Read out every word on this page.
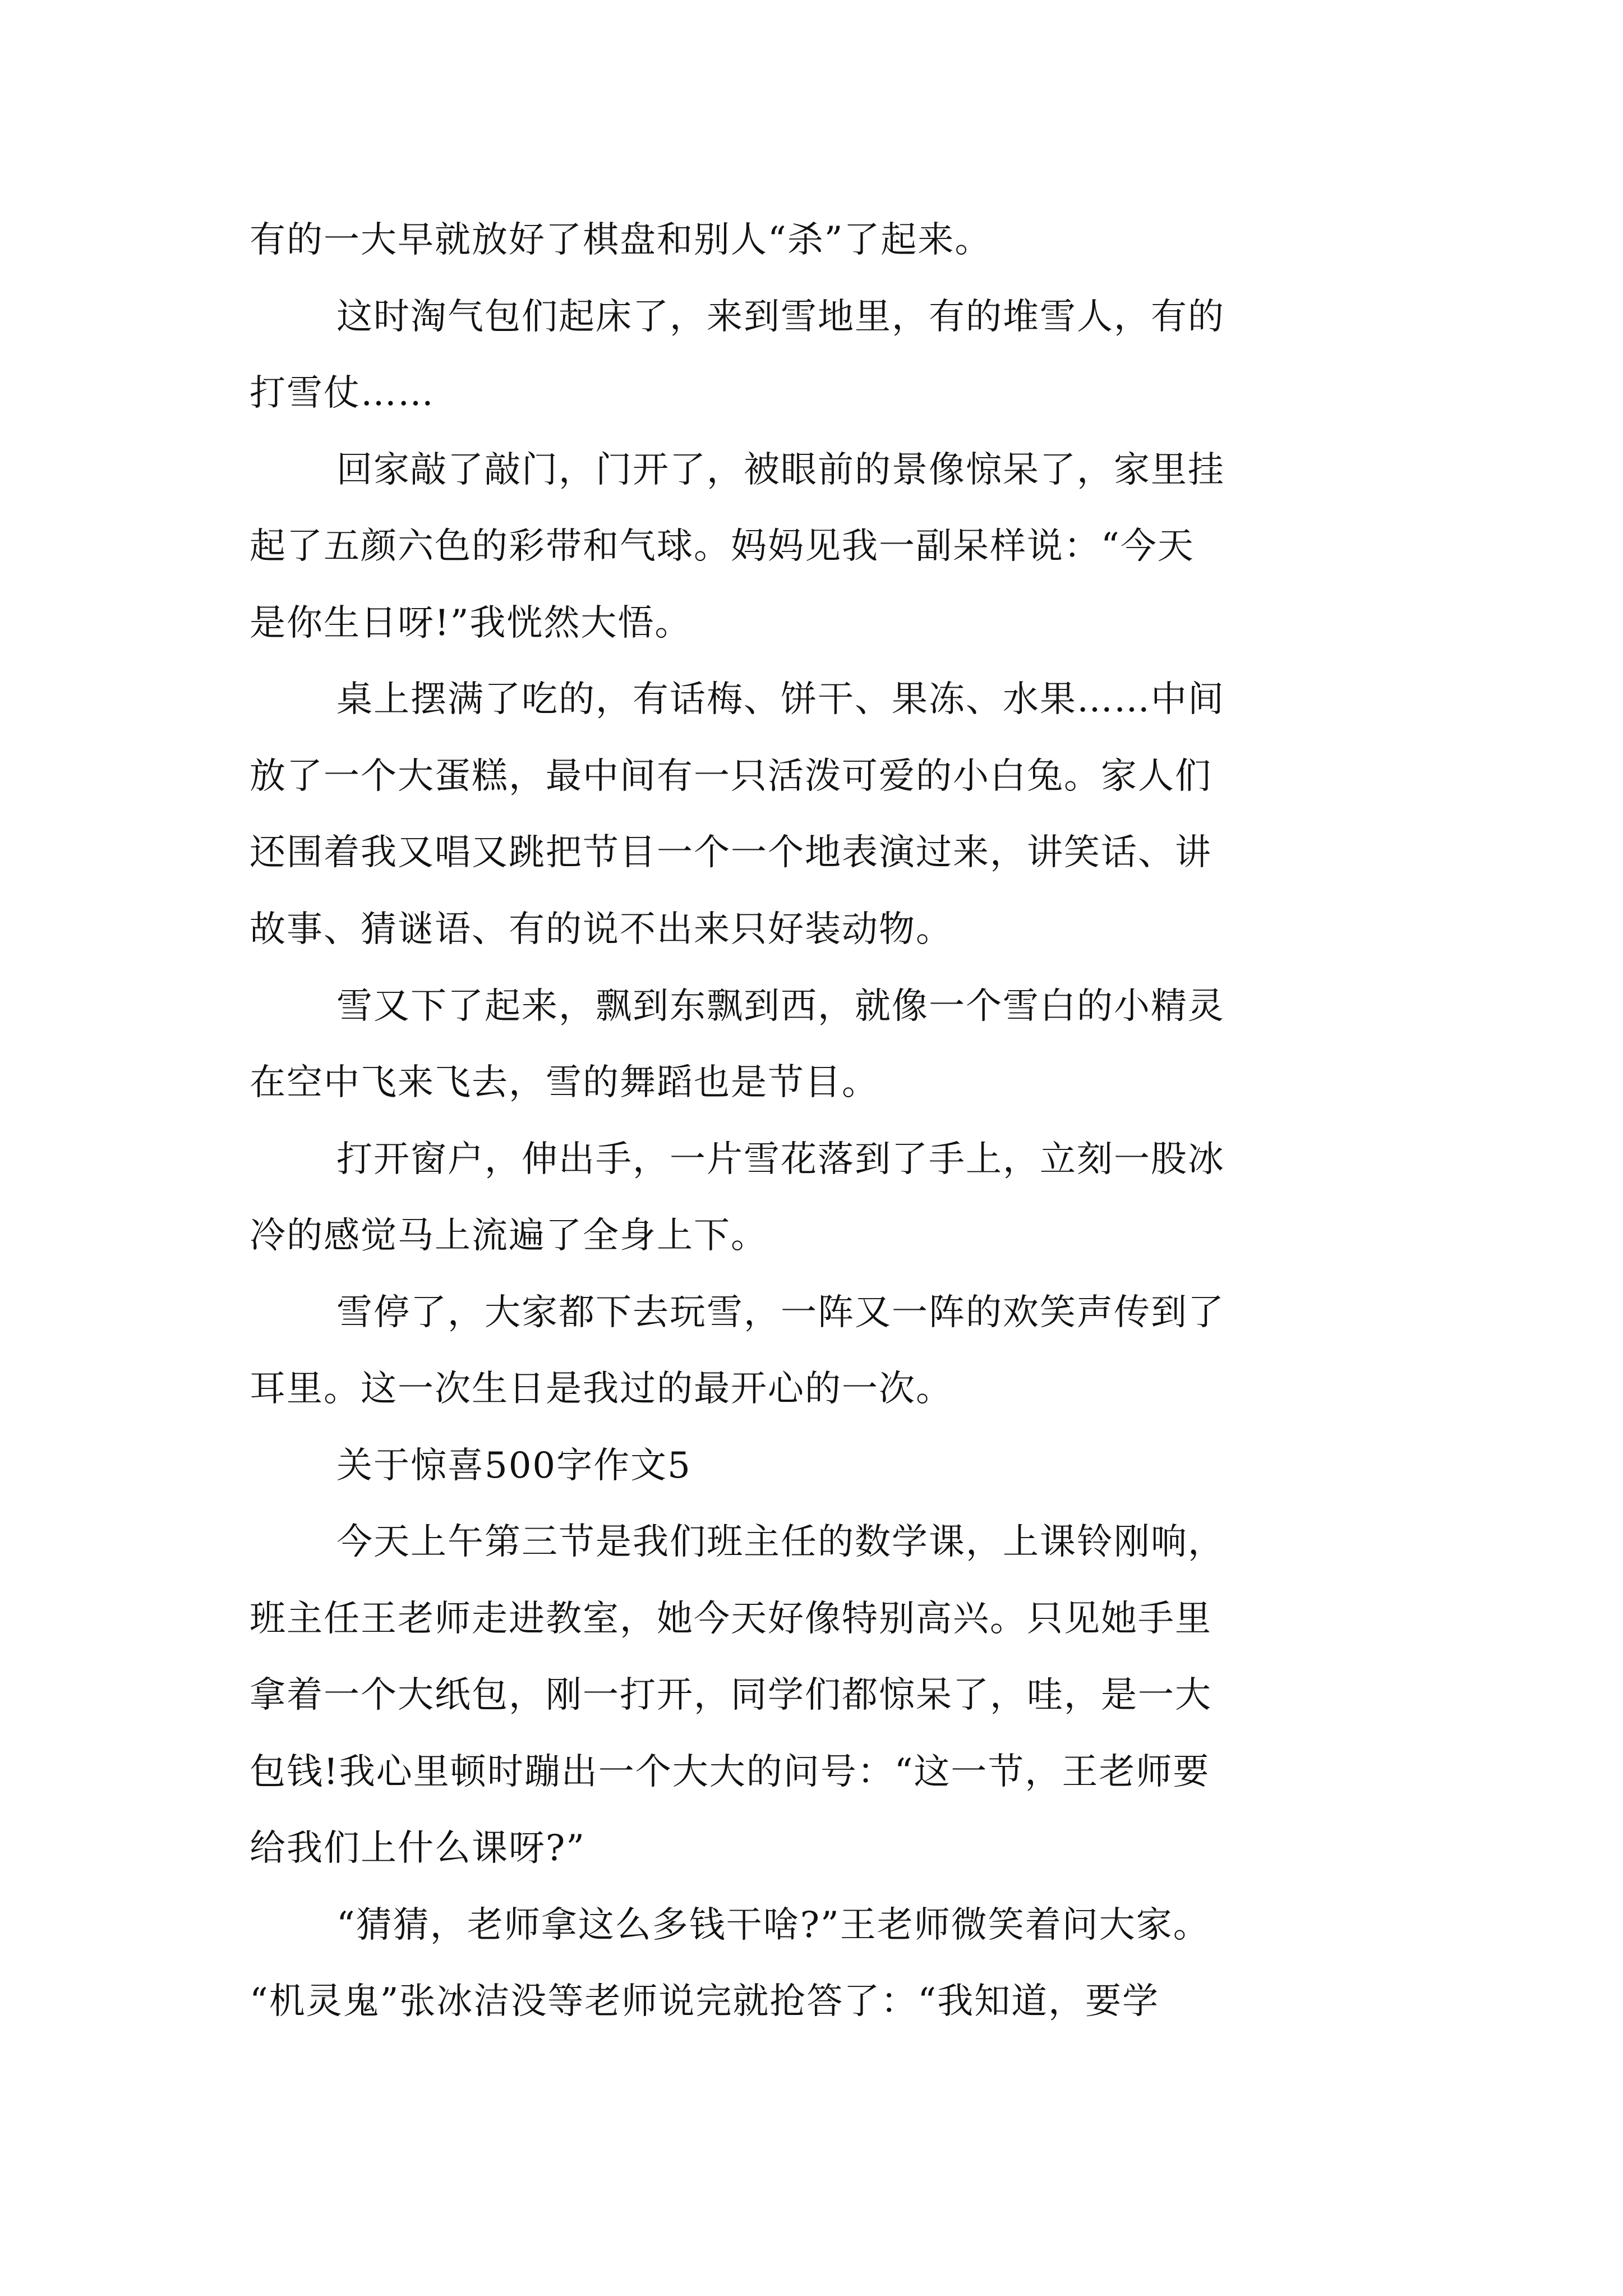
有的一大早就放好了棋盘和别人“杀”了起来。

这时淘气包们起床了，来到雪地里，有的堆雪人，有的

打雪仗……

回家敲了敲门，门开了，被眼前的景像惊呆了，家里挂

起了五颜六色的彩带和气球。妈妈见我一副呆样说：“今天

是你生日呀!”我恍然大悟。

桌上摆满了吃的，有话梅、饼干、果冻、水果……中间

放了一个大蛋糕，最中间有一只活泼可爱的小白兔。家人们

还围着我又唱又跳把节目一个一个地表演过来，讲笑话、讲

故事、猜谜语、有的说不出来只好装动物。

雪又下了起来，飘到东飘到西，就像一个雪白的小精灵

在空中飞来飞去，雪的舞蹈也是节目。

打开窗户，伸出手，一片雪花落到了手上，立刻一股冰

冷的感觉马上流遍了全身上下。

雪停了，大家都下去玩雪，一阵又一阵的欢笑声传到了

耳里。这一次生日是我过的最开心的一次。

关于惊喜500字作文5

今天上午第三节是我们班主任的数学课，上课铃刚响，

班主任王老师走进教室，她今天好像特别高兴。只见她手里

拿着一个大纸包，刚一打开，同学们都惊呆了，哇，是一大

包钱!我心里顿时蹦出一个大大的问号：“这一节，王老师要

给我们上什么课呀?”

“猜猜，老师拿这么多钱干啥?”王老师微笑着问大家。

“机灵鬼”张冰洁没等老师说完就抢答了：“我知道，要学
